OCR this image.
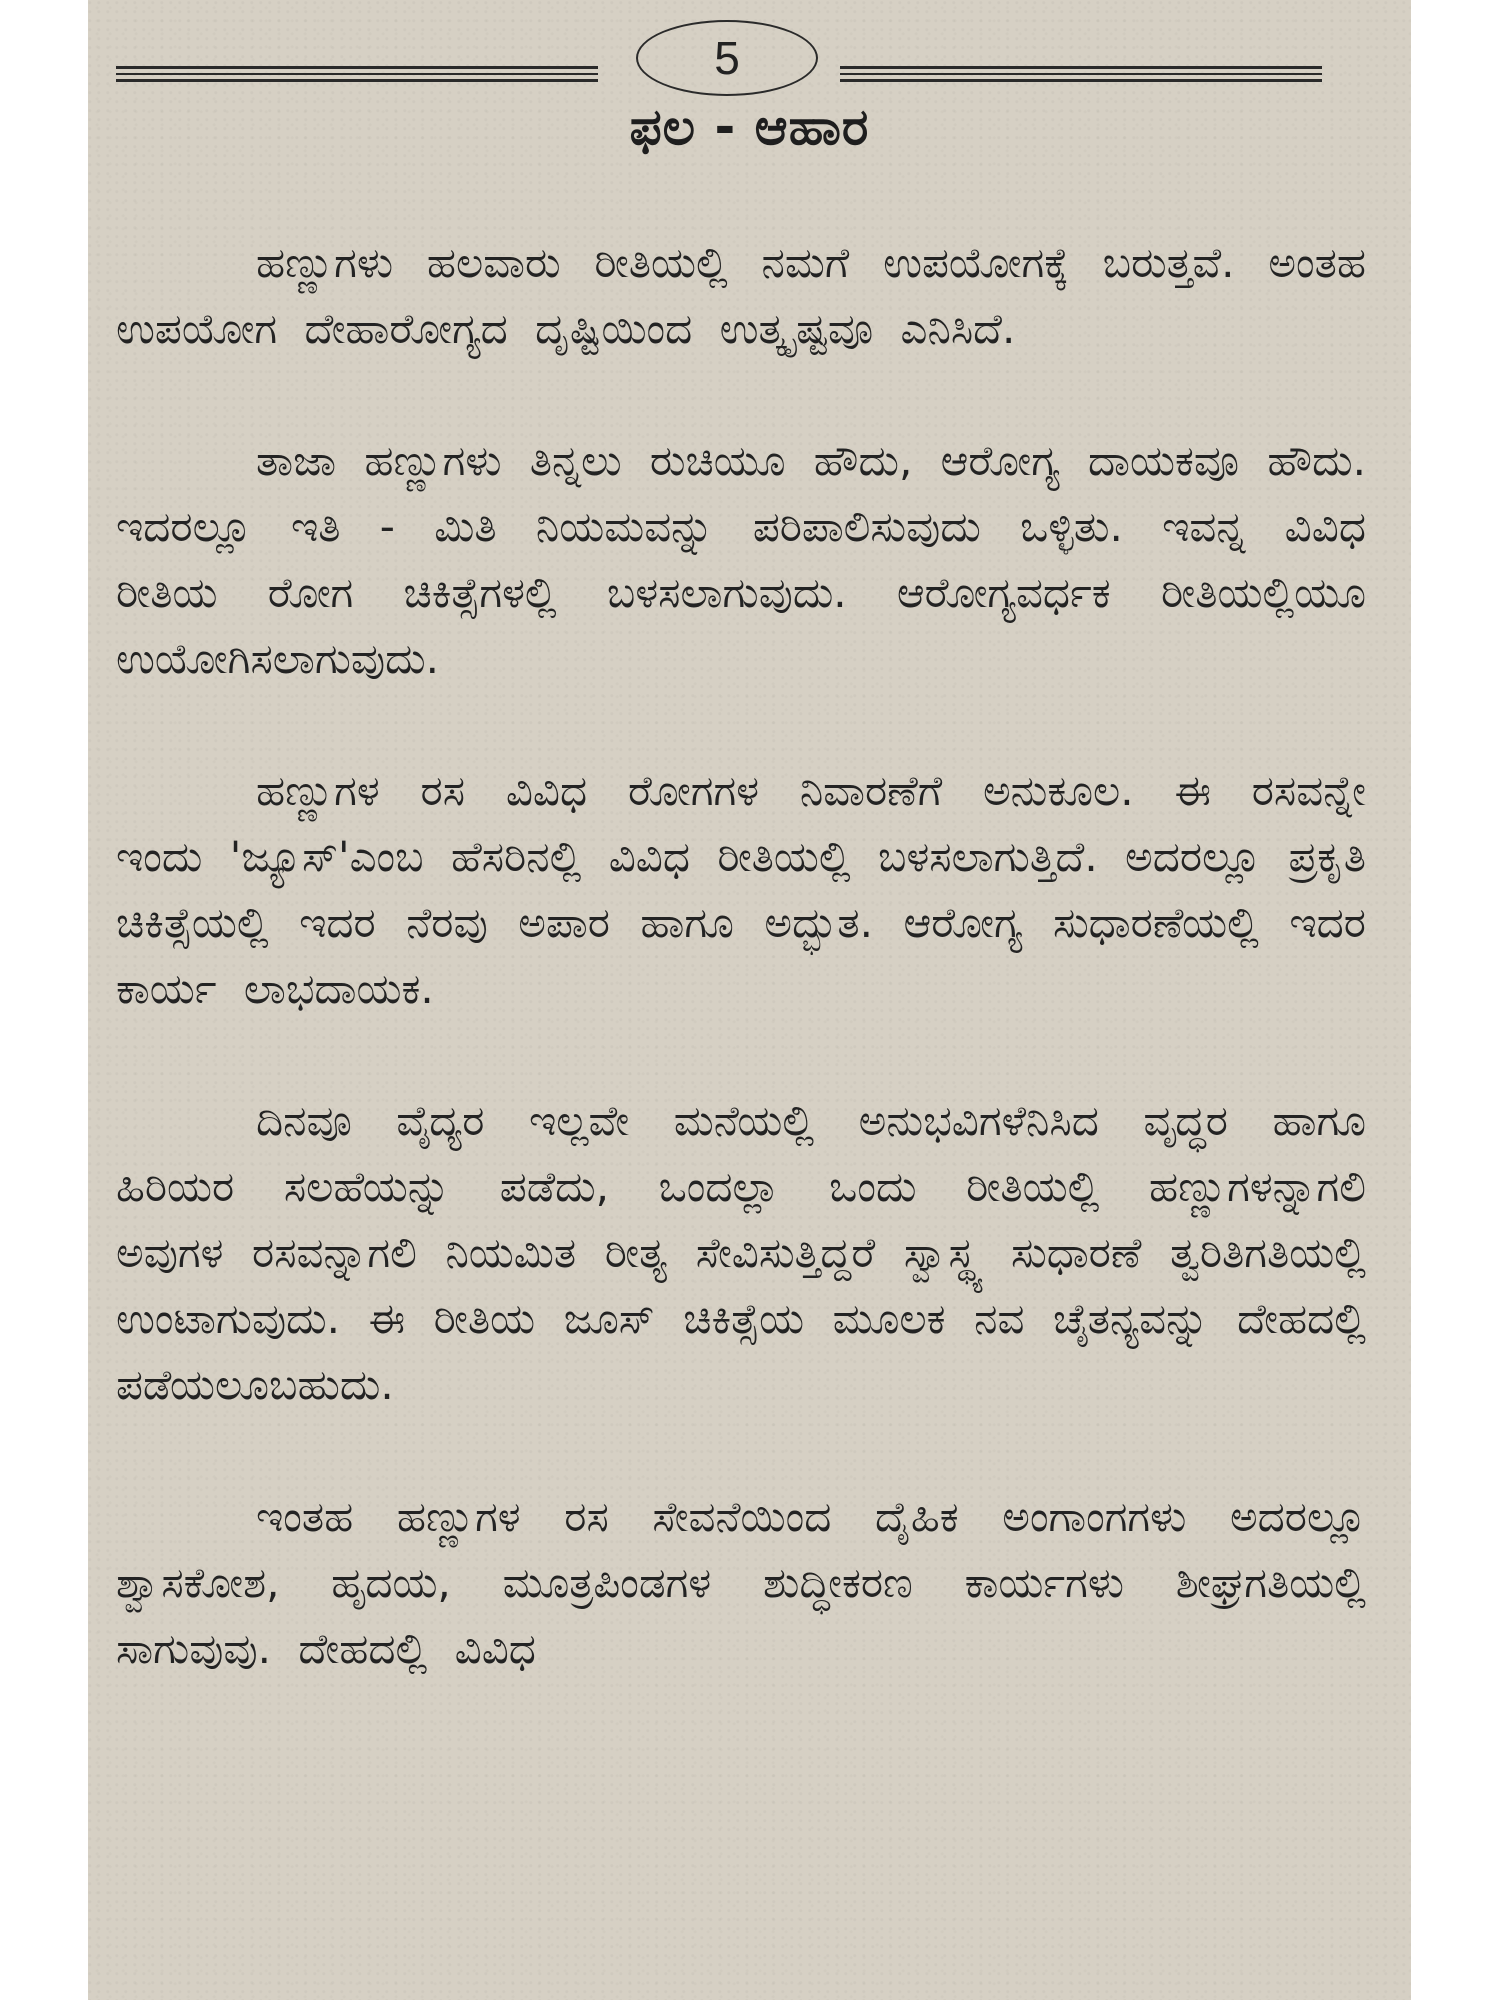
5
ಫಲ - ಆಹಾರ

ಹಣ್ಣುಗಳು ಹಲವಾರು ರೀತಿಯಲ್ಲಿ ನಮಗೆ ಉಪಯೋಗಕ್ಕೆ ಬರುತ್ತವೆ. ಅಂತಹ ಉಪಯೋಗ ದೇಹಾರೋಗ್ಯದ ದೃಷ್ಟಿಯಿಂದ ಉತ್ಕೃಷ್ಟವೂ ಎನಿಸಿದೆ.

ತಾಜಾ ಹಣ್ಣುಗಳು ತಿನ್ನಲು ರುಚಿಯೂ ಹೌದು, ಆರೋಗ್ಯ ದಾಯಕವೂ ಹೌದು. ಇದರಲ್ಲೂ ಇತಿ - ಮಿತಿ ನಿಯಮವನ್ನು ಪರಿಪಾಲಿಸುವುದು ಒಳ್ಳಿತು. ಇವನ್ನ ವಿವಿಧ ರೀತಿಯ ರೋಗ ಚಿಕಿತ್ಸೆಗಳಲ್ಲಿ ಬಳಸಲಾಗುವುದು. ಆರೋಗ್ಯವರ್ಧಕ ರೀತಿಯಲ್ಲಿಯೂ ಉಯೋಗಿಸಲಾಗುವುದು.

ಹಣ್ಣುಗಳ ರಸ ವಿವಿಧ ರೋಗಗಳ ನಿವಾರಣೆಗೆ ಅನುಕೂಲ. ಈ ರಸವನ್ನೇ ಇಂದು 'ಜ್ಯೂಸ್'ಎಂಬ ಹೆಸರಿನಲ್ಲಿ ವಿವಿಧ ರೀತಿಯಲ್ಲಿ ಬಳಸಲಾಗುತ್ತಿದೆ. ಅದರಲ್ಲೂ ಪ್ರಕೃತಿ ಚಿಕಿತ್ಸೆಯಲ್ಲಿ ಇದರ ನೆರವು ಅಪಾರ ಹಾಗೂ ಅದ್ಭುತ. ಆರೋಗ್ಯ ಸುಧಾರಣೆಯಲ್ಲಿ ಇದರ ಕಾರ್ಯ ಲಾಭದಾಯಕ.

ದಿನವೂ ವೈದ್ಯರ ಇಲ್ಲವೇ ಮನೆಯಲ್ಲಿ ಅನುಭವಿಗಳೆನಿಸಿದ ವೃದ್ಧರ ಹಾಗೂ ಹಿರಿಯರ ಸಲಹೆಯನ್ನು ಪಡೆದು, ಒಂದಲ್ಲಾ ಒಂದು ರೀತಿಯಲ್ಲಿ ಹಣ್ಣುಗಳನ್ನಾಗಲಿ ಅವುಗಳ ರಸವನ್ನಾಗಲಿ ನಿಯಮಿತ ರೀತ್ಯ ಸೇವಿಸುತ್ತಿದ್ದರೆ ಸ್ವಾಸ್ಥ್ಯ ಸುಧಾರಣೆ ತ್ವರಿತಿಗತಿಯಲ್ಲಿ ಉಂಟಾಗುವುದು. ಈ ರೀತಿಯ ಜೂಸ್ ಚಿಕಿತ್ಸೆಯ ಮೂಲಕ ನವ ಚೈತನ್ಯವನ್ನು ದೇಹದಲ್ಲಿ ಪಡೆಯಲೂಬಹುದು.

ಇಂತಹ ಹಣ್ಣುಗಳ ರಸ ಸೇವನೆಯಿಂದ ದೈಹಿಕ ಅಂಗಾಂಗಗಳು ಅದರಲ್ಲೂ ಶ್ವಾಸಕೋಶ, ಹೃದಯ, ಮೂತ್ರಪಿಂಡಗಳ ಶುದ್ಧೀಕರಣ ಕಾರ್ಯಗಳು ಶೀಘ್ರಗತಿಯಲ್ಲಿ ಸಾಗುವುವು. ದೇಹದಲ್ಲಿ ವಿವಿಧ
